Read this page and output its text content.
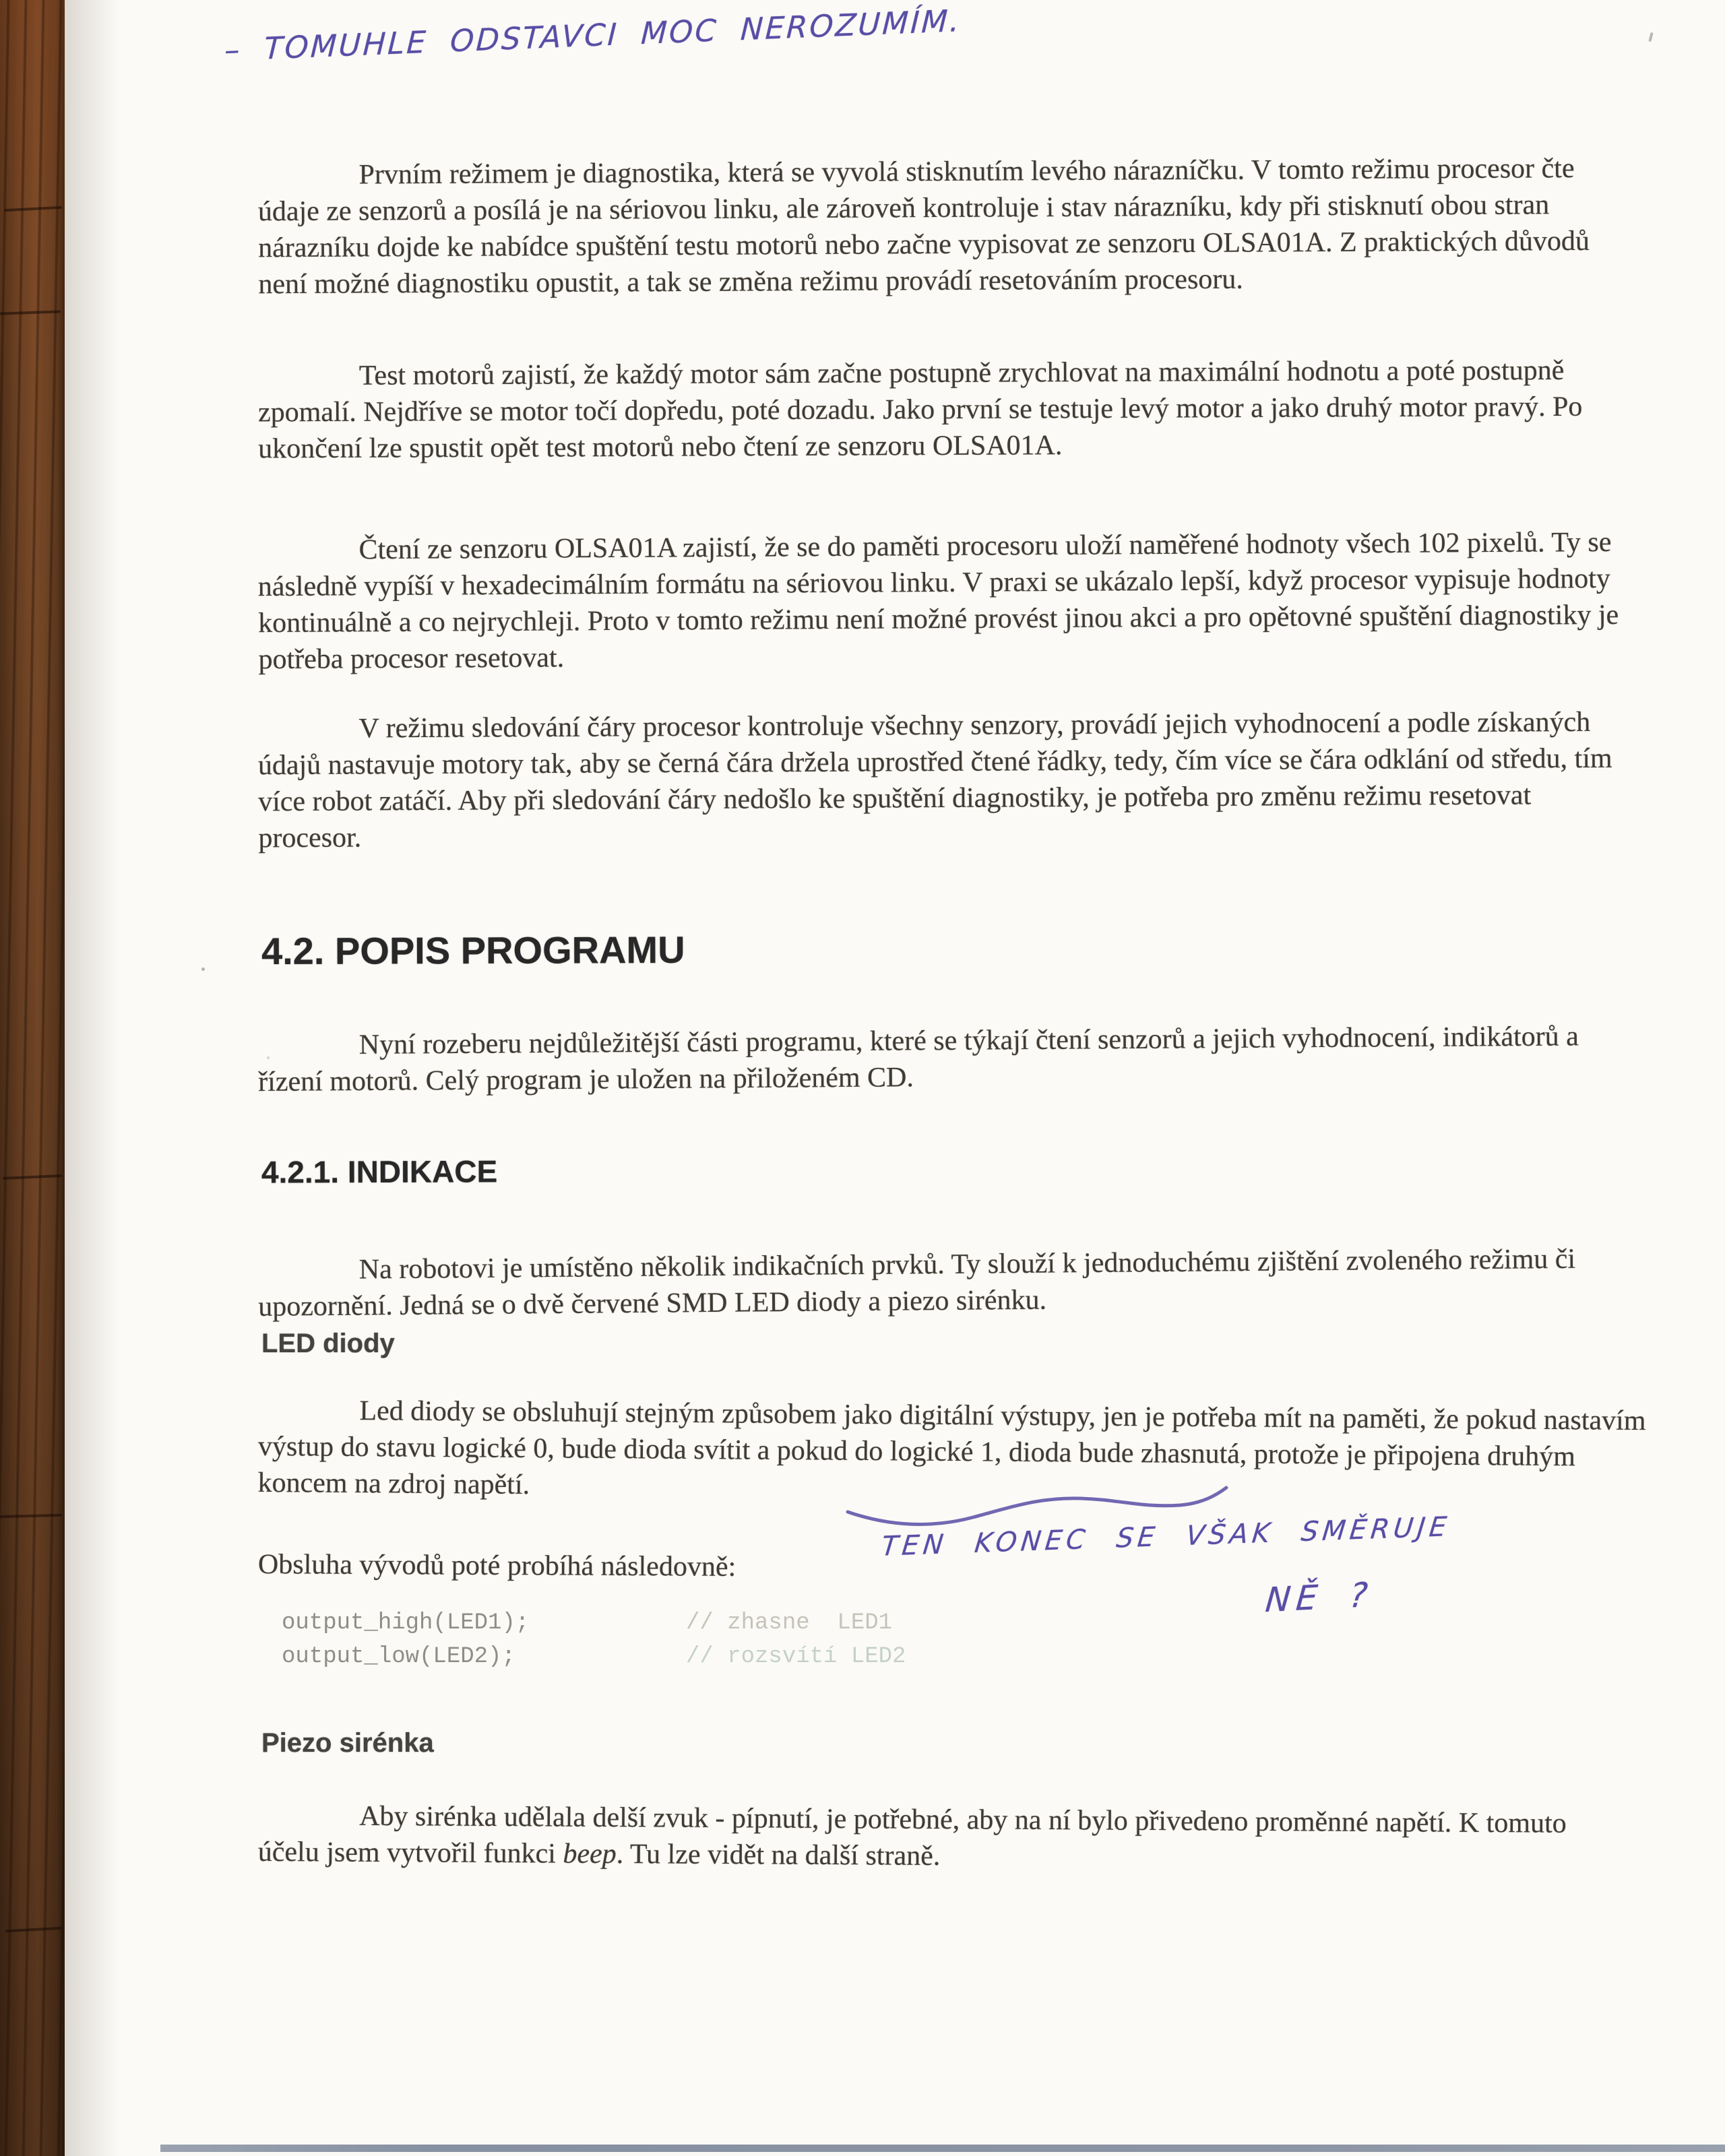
– TOMUHLE ODSTAVCI MOC NEROZUMÍM.
Prvním režimem je diagnostika, která se vyvolá stisknutím levého nárazníčku. V tomto režimu procesor čte údaje ze senzorů a posílá je na sériovou linku, ale zároveň kontroluje i stav nárazníku, kdy při stisknutí obou stran nárazníku dojde ke nabídce spuštění testu motorů nebo začne vypisovat ze senzoru OLSA01A. Z praktických důvodů není možné diagnostiku opustit, a tak se změna režimu provádí resetováním procesoru.
Test motorů zajistí, že každý motor sám začne postupně zrychlovat na maximální hodnotu a poté postupně zpomalí. Nejdříve se motor točí dopředu, poté dozadu. Jako první se testuje levý motor a jako druhý motor pravý. Po ukončení lze spustit opět test motorů nebo čtení ze senzoru OLSA01A.
Čtení ze senzoru OLSA01A zajistí, že se do paměti procesoru uloží naměřené hodnoty všech 102 pixelů. Ty se následně vypíší v hexadecimálním formátu na sériovou linku. V praxi se ukázalo lepší, když procesor vypisuje hodnoty kontinuálně a co nejrychleji. Proto v tomto režimu není možné provést jinou akci a pro opětovné spuštění diagnostiky je potřeba procesor resetovat.
V režimu sledování čáry procesor kontroluje všechny senzory, provádí jejich vyhodnocení a podle získaných údajů nastavuje motory tak, aby se černá čára držela uprostřed čtené řádky, tedy, čím více se čára odklání od středu, tím více robot zatáčí. Aby při sledování čáry nedošlo ke spuštění diagnostiky, je potřeba pro změnu režimu resetovat procesor.
4.2. POPIS PROGRAMU
Nyní rozeberu nejdůležitější části programu, které se týkají čtení senzorů a jejich vyhodnocení, indikátorů a řízení motorů. Celý program je uložen na přiloženém CD.
4.2.1. INDIKACE
Na robotovi je umístěno několik indikačních prvků. Ty slouží k jednoduchému zjištění zvoleného režimu či upozornění. Jedná se o dvě červené SMD LED diody a piezo sirénku.
LED diody
Led diody se obsluhují stejným způsobem jako digitální výstupy, jen je potřeba mít na paměti, že pokud nastavím výstup do stavu logické 0, bude dioda svítit a pokud do logické 1, dioda bude zhasnutá, protože je připojena druhým koncem na zdroj napětí.
TEN KONEC SE VŠAK SMĚRUJE
NĚ ?
Obsluha vývodů poté probíhá následovně:
output_high(LED1);	// zhasne  LED1
output_low(LED2);	// rozsvítí LED2
Piezo sirénka
Aby sirénka udělala delší zvuk - pípnutí, je potřebné, aby na ní bylo přivedeno proměnné napětí. K tomuto účelu jsem vytvořil funkci beep. Tu lze vidět na další straně.
